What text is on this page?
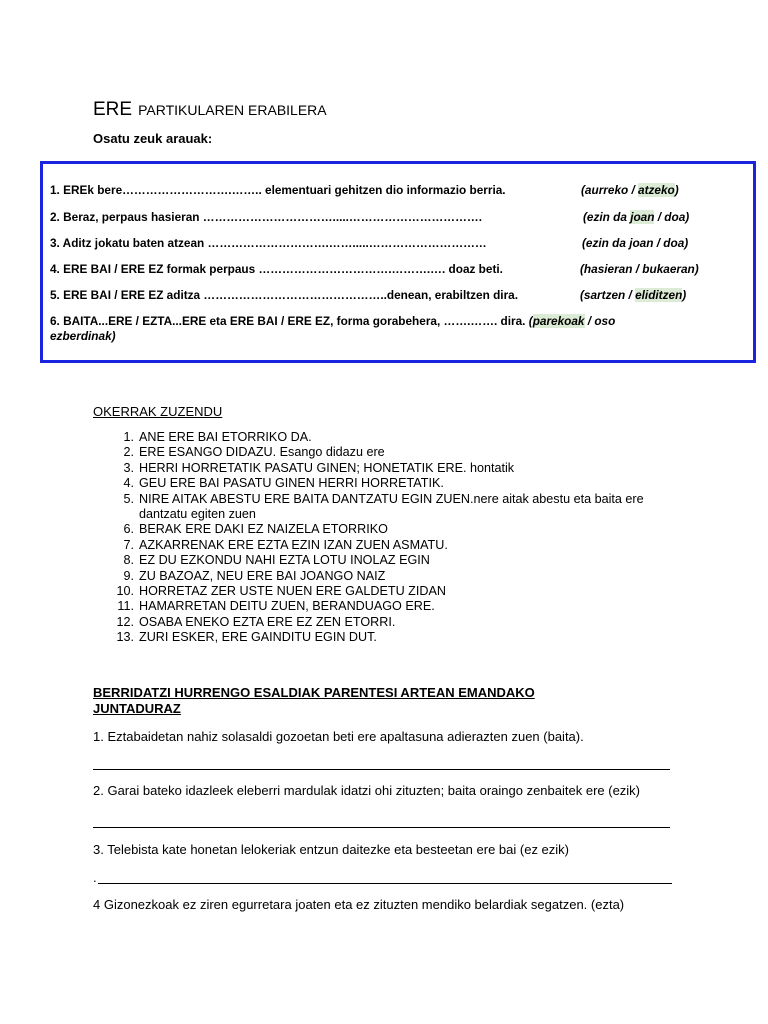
ERE PARTIKULAREN ERABILERA
Osatu zeuk arauak:
1. EREk bere……………………….…….. elementuari gehitzen dio informazio berria.	(aurreko / atzeko)
2. Beraz, perpaus hasieran …………………………….....…………………………….	(ezin da joan / doa)
3. Aditz jokatu baten atzean ………………………….…….....…………………………	(ezin da joan / doa)
4. ERE BAI / ERE EZ formak perpaus …………………………….……….…. doaz beti.	(hasieran / bukaeran)
5. ERE BAI / ERE EZ aditza ………………………………………..denean, erabiltzen dira.	(sartzen / eliditzen)
6. BAITA...ERE / EZTA...ERE eta ERE BAI / ERE EZ, forma gorabehera, …….……. dira. (parekoak / oso
ezberdinak)
OKERRAK ZUZENDU
1. ANE ERE BAI ETORRIKO DA.
2. ERE ESANGO DIDAZU. Esango didazu ere
3. HERRI HORRETATIK PASATU GINEN; HONETATIK ERE. hontatik
4. GEU ERE BAI PASATU GINEN HERRI HORRETATIK.
5. NIRE AITAK ABESTU ERE BAITA DANTZATU EGIN ZUEN.nere aitak abestu eta baita ere dantzatu egiten zuen
6. BERAK ERE DAKI EZ NAIZELA ETORRIKO
7. AZKARRENAK ERE EZTA EZIN IZAN ZUEN ASMATU.
8. EZ DU EZKONDU NAHI EZTA LOTU INOLAZ EGIN
9. ZU BAZOAZ, NEU ERE BAI JOANGO NAIZ
10. HORRETAZ ZER USTE NUEN ERE GALDETU ZIDAN
11. HAMARRETAN DEITU ZUEN, BERANDUAGO ERE.
12. OSABA ENEKO EZTA ERE EZ ZEN ETORRI.
13. ZURI ESKER, ERE GAINDITU EGIN DUT.
BERRIDATZI HURRENGO ESALDIAK PARENTESI ARTEAN EMANDAKO JUNTADURAZ
1. Eztabaidetan nahiz solasaldi gozoetan beti ere apaltasuna adierazten zuen (baita).
2. Garai bateko idazleek eleberri mardulak idatzi ohi zituzten; baita oraingo zenbaitek ere (ezik)
3. Telebista kate honetan lelokeriak entzun daitezke eta besteetan ere bai (ez ezik)
.
4 Gizonezkoak ez ziren egurretara joaten eta ez zituzten mendiko belardiak segatzen. (ezta)
